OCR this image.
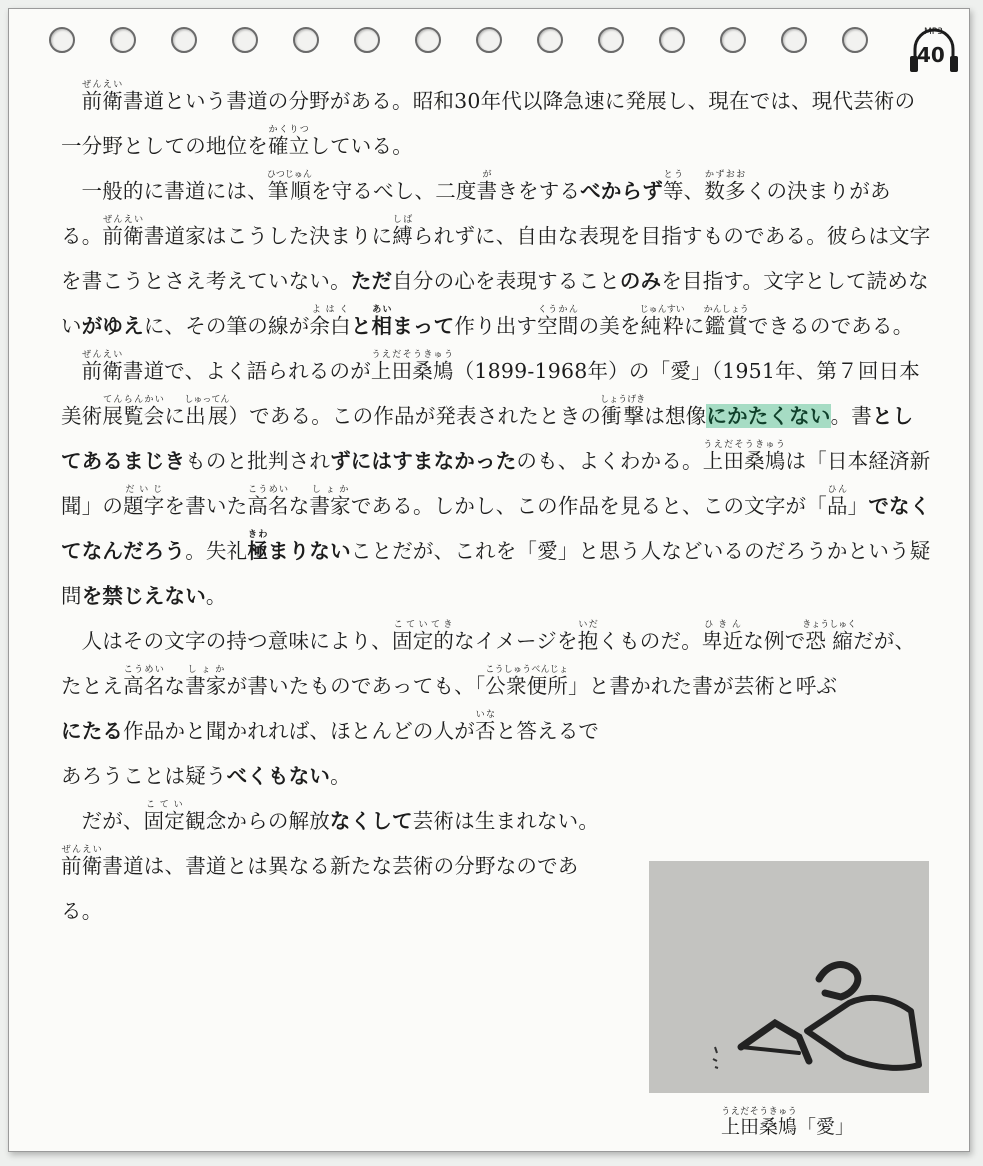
MP3
40

前衛ぜんえい書道という書道の分野がある。昭和30年代以降急速に発展し、現在では、現代芸術の一分野としての地位を確立かくりつしている。

一般的に書道には、筆順ひつじゅんを守るべし、二度書がきをするべからず等とう、数多かずおおくの決まりがある。前衛ぜんえい書道家はこうした決まりに縛しばられずに、自由な表現を目指すものである。彼らは文字を書こうとさえ考えていない。ただ自分の心を表現することのみを目指す。文字として読めないがゆえに、その筆の線が余白よはくと相あいまって作り出す空間くうかんの美を純粋じゅんすいに鑑賞かんしょうできるのである。

前衛ぜんえい書道で、よく語られるのが上田桑鳩うえだそうきゅう（1899-1968年）の「愛」（1951年、第７回日本美術展覧会てんらんかいに出展しゅってん）である。この作品が発表されたときの衝撃しょうげきは想像にかたくない。書としてあるまじきものと批判されずにはすまなかったのも、よくわかる。上田桑鳩うえだそうきゅうは「日本経済新聞」の題字だいじを書いた高名こうめいな書家しょかである。しかし、この作品を見ると、この文字が「品ひん」でなくてなんだろう。失礼極きわまりないことだが、これを「愛」と思う人などいるのだろうかという疑問を禁じえない。

人はその文字の持つ意味により、固定的こていてきなイメージを抱いだくものだ。卑近ひきんな例で恐縮きょうしゅくだが、たとえ高名こうめいな書家しょかが書いたものであっても、「公衆便所こうしゅうべんじょ」と書かれた書が芸術と呼ぶ

にたる作品かと聞かれれば、ほとんどの人が否いなと答えるであろうことは疑うべくもない。

だが、固定こてい観念からの解放なくして芸術は生まれない。前衛ぜんえい書道は、書道とは異なる新たな芸術の分野なのである。

上田桑鳩うえだそうきゅう「愛」
